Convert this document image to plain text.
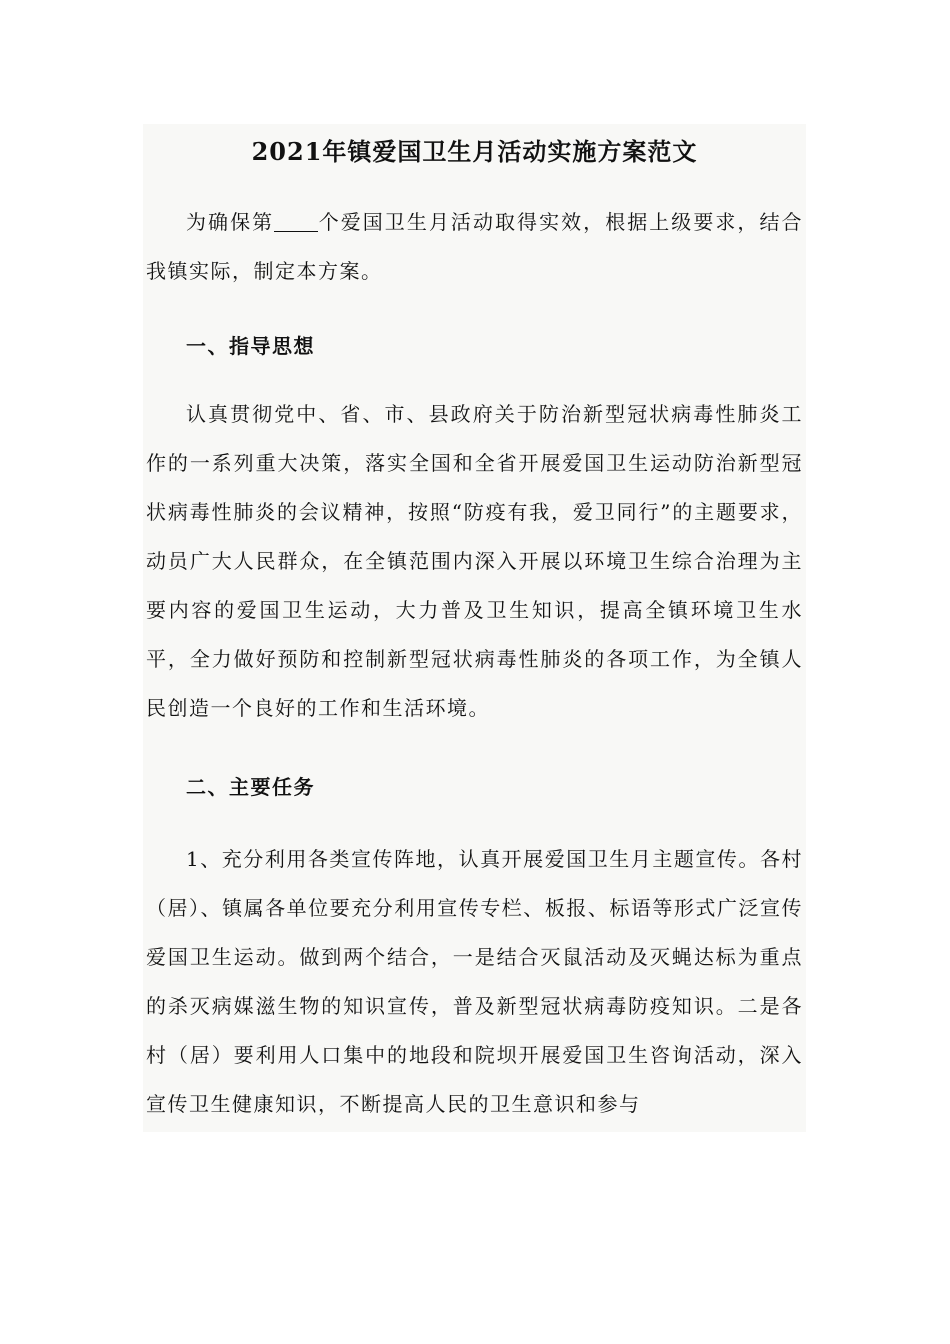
2021年镇爱国卫生月活动实施方案范文

为确保第 个爱国卫生月活动取得实效，根据上级要求，结合我镇实际，制定本方案。

一、指导思想

认真贯彻党中、省、市、县政府关于防治新型冠状病毒性肺炎工作的一系列重大决策，落实全国和全省开展爱国卫生运动防治新型冠状病毒性肺炎的会议精神，按照“防疫有我，爱卫同行”的主题要求，动员广大人民群众，在全镇范围内深入开展以环境卫生综合治理为主要内容的爱国卫生运动，大力普及卫生知识，提高全镇环境卫生水平，全力做好预防和控制新型冠状病毒性肺炎的各项工作，为全镇人民创造一个良好的工作和生活环境。

二、主要任务

1、充分利用各类宣传阵地，认真开展爱国卫生月主题宣传。各村（居）、镇属各单位要充分利用宣传专栏、板报、标语等形式广泛宣传爱国卫生运动。做到两个结合，一是结合灭鼠活动及灭蝇达标为重点的杀灭病媒滋生物的知识宣传，普及新型冠状病毒防疫知识。二是各村（居）要利用人口集中的地段和院坝开展爱国卫生咨询活动，深入宣传卫生健康知识，不断提高人民的卫生意识和参与
